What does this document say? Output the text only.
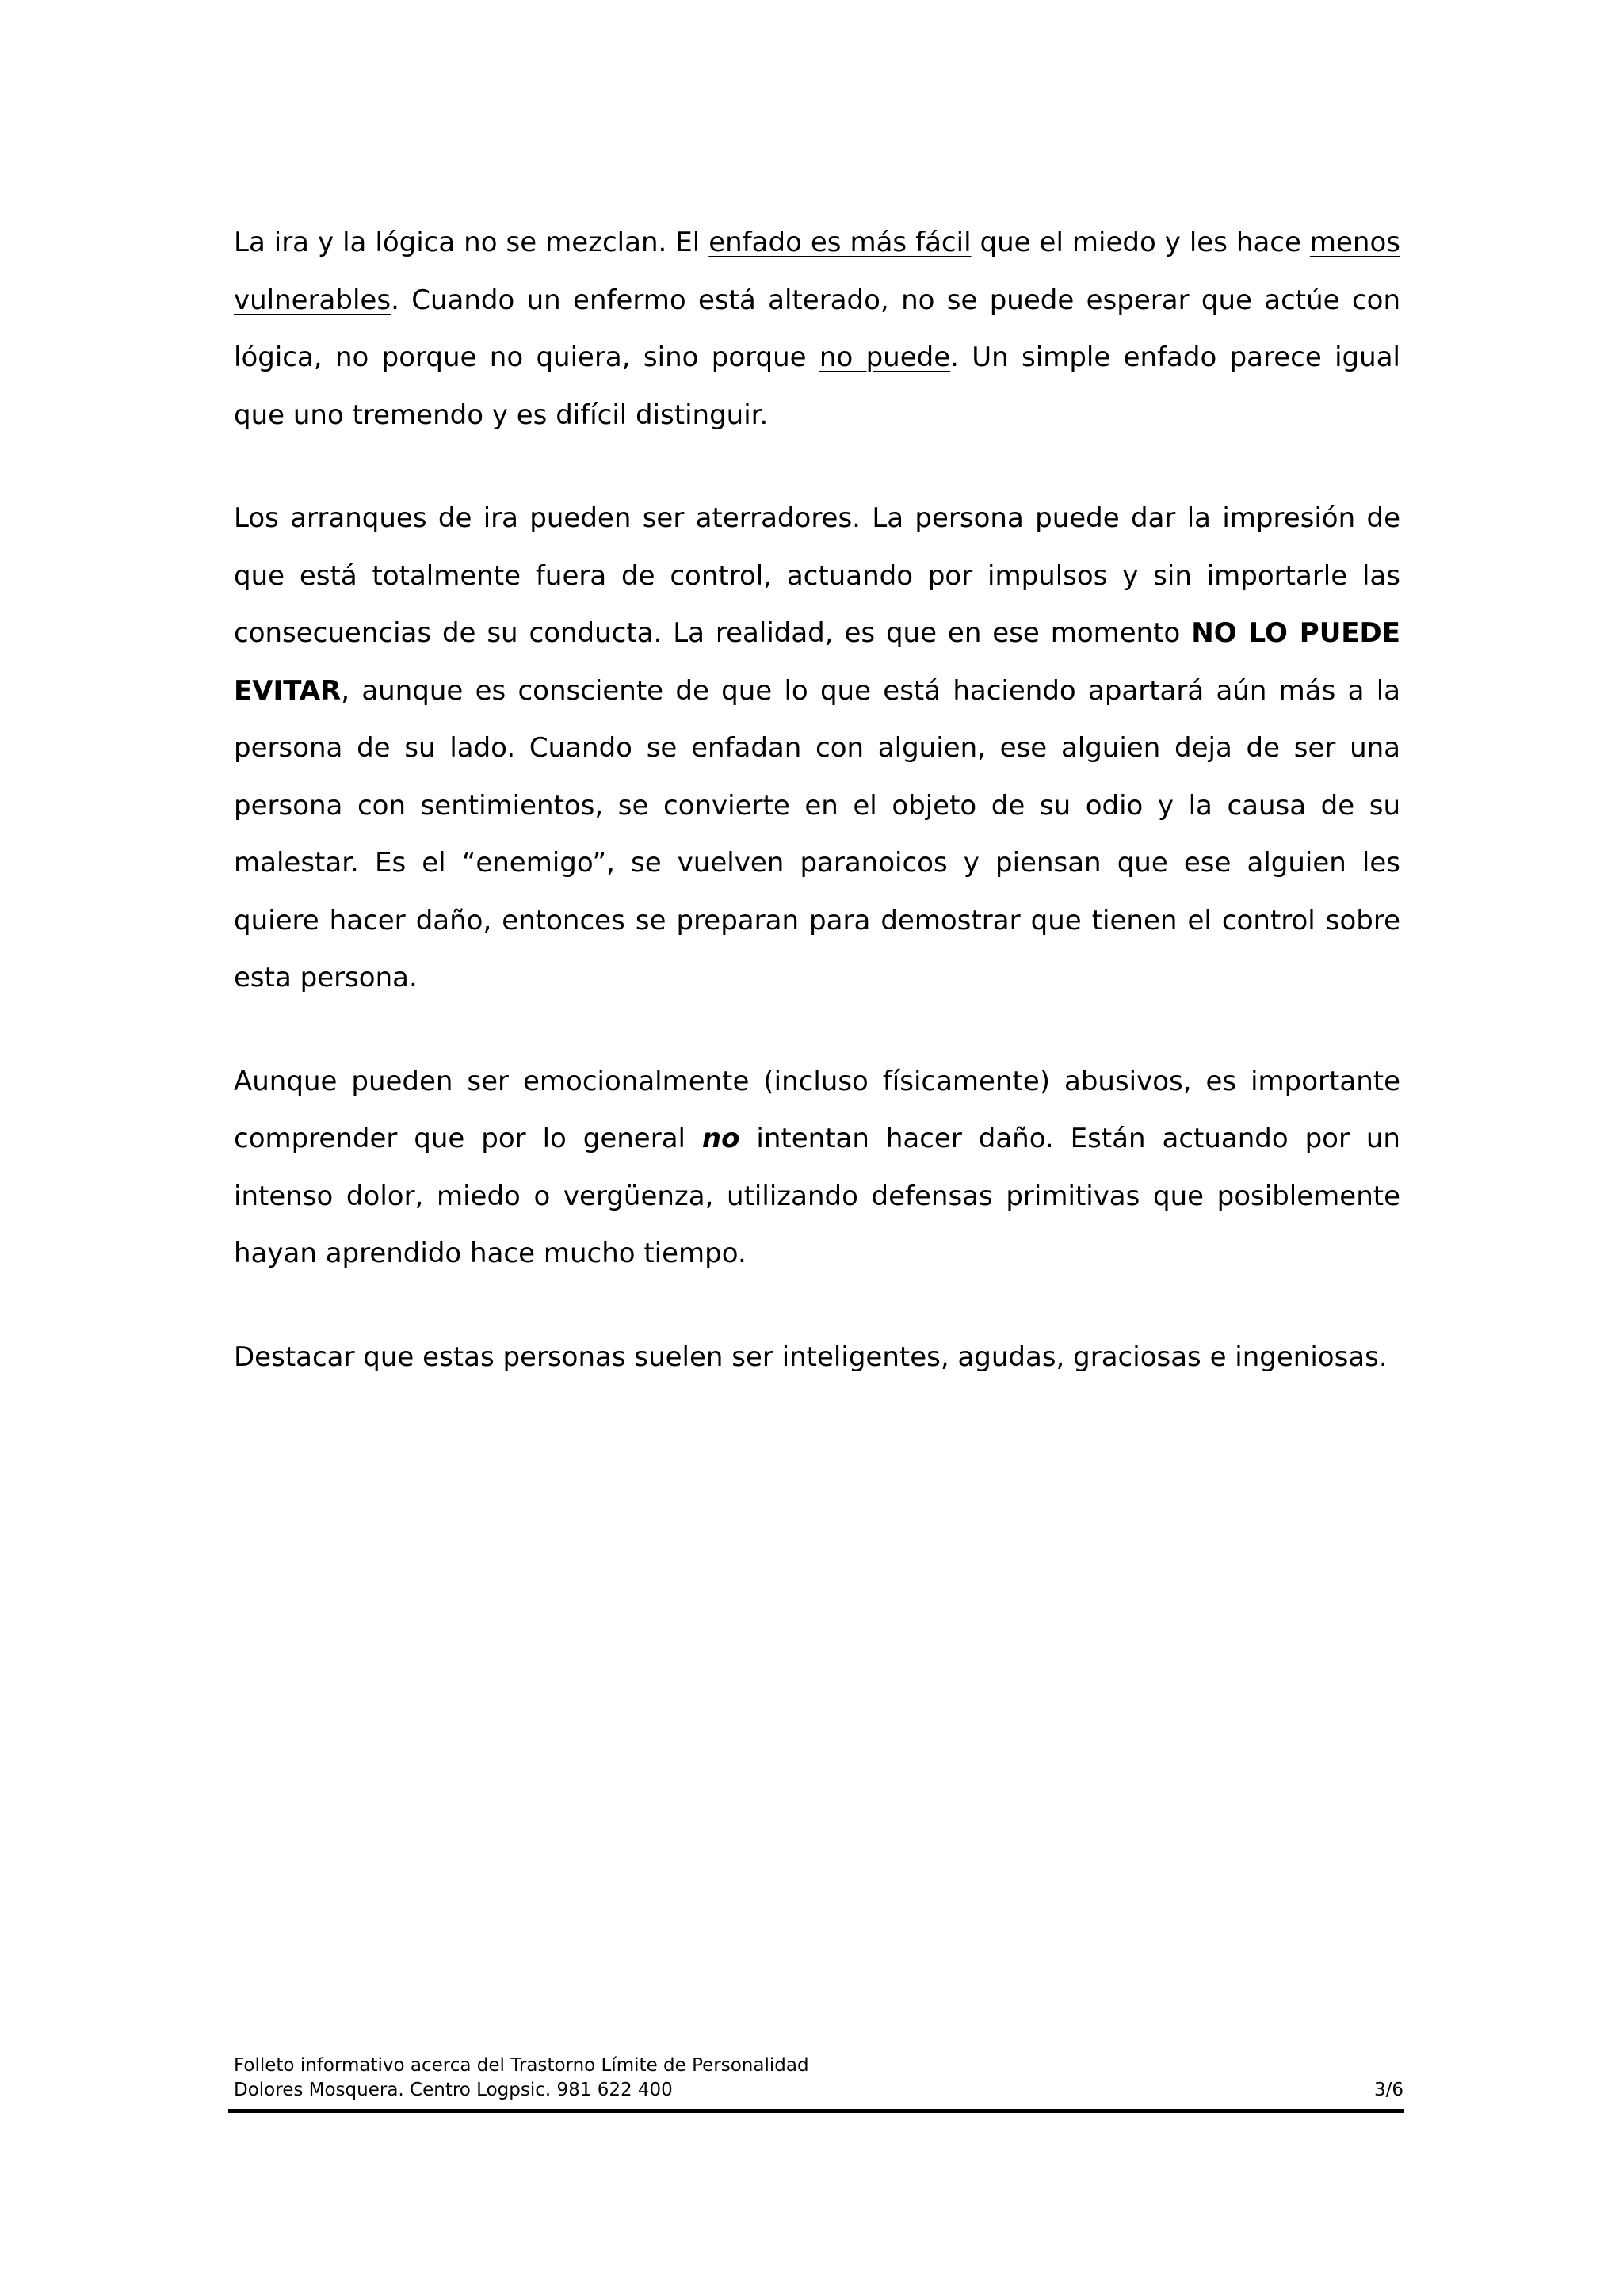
La ira y la lógica no se mezclan. El enfado es más fácil que el miedo y les hace menos vulnerables. Cuando un enfermo está alterado, no se puede esperar que actúe con lógica, no porque no quiera, sino porque no puede. Un simple enfado parece igual que uno tremendo y es difícil distinguir.

Los arranques de ira pueden ser aterradores. La persona puede dar la impresión de que está totalmente fuera de control, actuando por impulsos y sin importarle las consecuencias de su conducta. La realidad, es que en ese momento NO LO PUEDE EVITAR, aunque es consciente de que lo que está haciendo apartará aún más a la persona de su lado. Cuando se enfadan con alguien, ese alguien deja de ser una persona con sentimientos, se convierte en el objeto de su odio y la causa de su malestar. Es el “enemigo”, se vuelven paranoicos y piensan que ese alguien les quiere hacer daño, entonces se preparan para demostrar que tienen el control sobre esta persona.

Aunque pueden ser emocionalmente (incluso físicamente) abusivos, es importante comprender que por lo general no intentan hacer daño. Están actuando por un intenso dolor, miedo o vergüenza, utilizando defensas primitivas que posiblemente hayan aprendido hace mucho tiempo.

Destacar que estas personas suelen ser inteligentes, agudas, graciosas e ingeniosas.

Folleto informativo acerca del Trastorno Límite de Personalidad
Dolores Mosquera. Centro Logpsic. 981 622 400	3/6
